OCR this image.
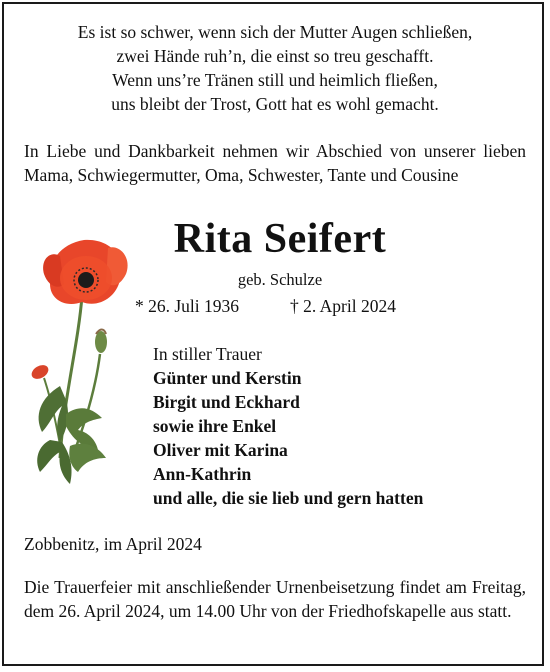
Es ist so schwer, wenn sich der Mutter Augen schließen,
zwei Hände ruh’n, die einst so treu geschafft.
Wenn uns’re Tränen still und heimlich fließen,
uns bleibt der Trost, Gott hat es wohl gemacht.
In Liebe und Dankbarkeit nehmen wir Abschied von unserer lieben Mama, Schwiegermutter, Oma, Schwester, Tante und Cousine
Rita Seifert
geb. Schulze
* 26. Juli 1936	† 2. April 2024
In stiller Trauer
Günter und Kerstin
Birgit und Eckhard
sowie ihre Enkel
Oliver mit Karina
Ann-Kathrin
und alle, die sie lieb und gern hatten
Zobbenitz, im April 2024
Die Trauerfeier mit anschließender Urnenbeisetzung findet am Freitag, dem 26. April 2024, um 14.00 Uhr von der Friedhofskapelle aus statt.
